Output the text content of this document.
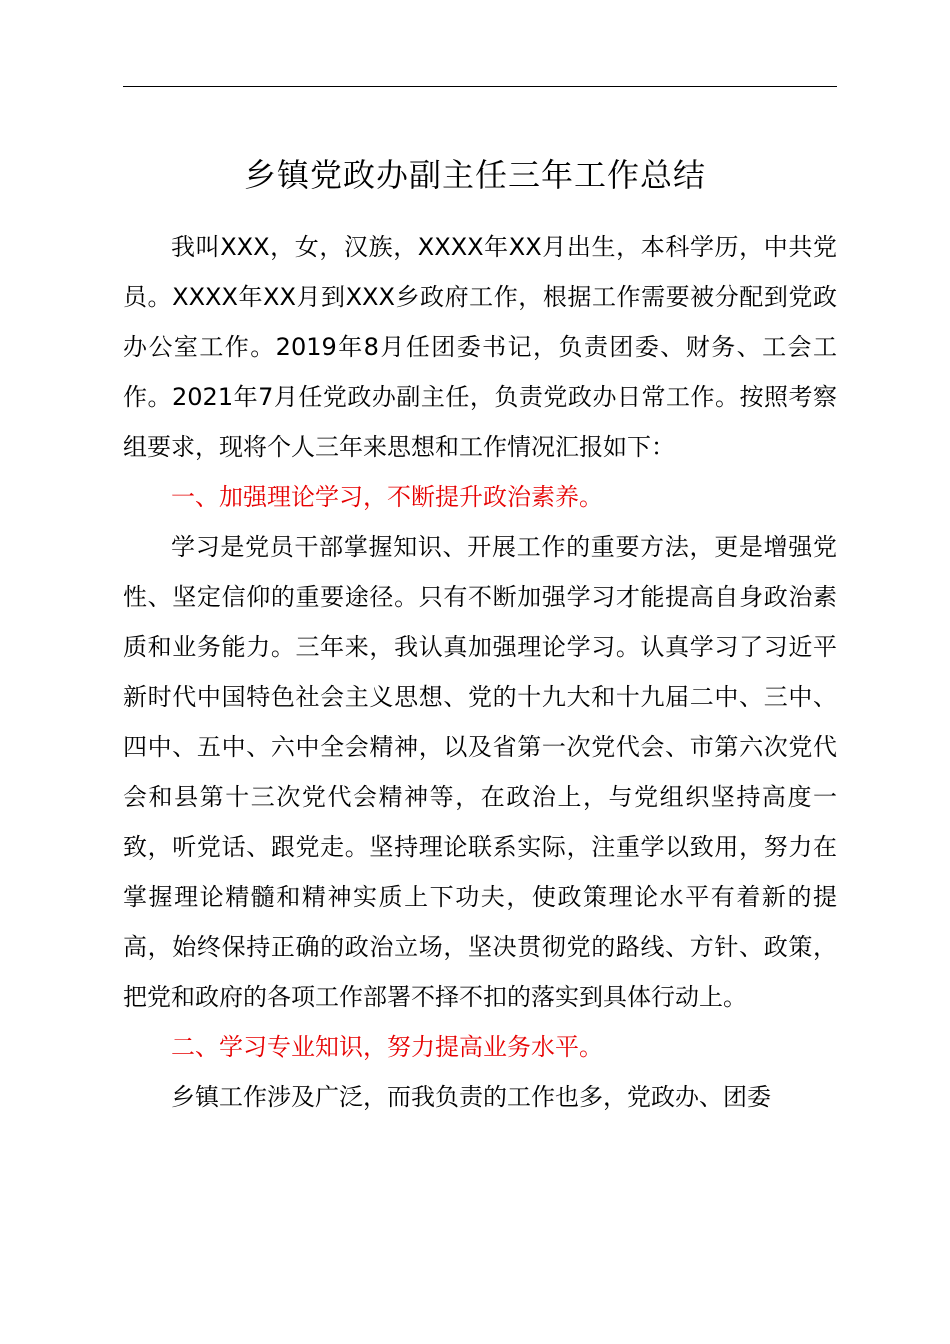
乡镇党政办副主任三年工作总结

我叫XXX，女，汉族，XXXX年XX月出生，本科学历，中共党员。XXXX年XX月到XXX乡政府工作，根据工作需要被分配到党政办公室工作。2019年8月任团委书记，负责团委、财务、工会工作。2021年7月任党政办副主任，负责党政办日常工作。按照考察组要求，现将个人三年来思想和工作情况汇报如下：

一、加强理论学习，不断提升政治素养。

学习是党员干部掌握知识、开展工作的重要方法，更是增强党性、坚定信仰的重要途径。只有不断加强学习才能提高自身政治素质和业务能力。三年来，我认真加强理论学习。认真学习了习近平新时代中国特色社会主义思想、党的十九大和十九届二中、三中、四中、五中、六中全会精神，以及省第一次党代会、市第六次党代会和县第十三次党代会精神等，在政治上，与党组织坚持高度一致，听党话、跟党走。坚持理论联系实际，注重学以致用，努力在掌握理论精髓和精神实质上下功夫，使政策理论水平有着新的提高，始终保持正确的政治立场，坚决贯彻党的路线、方针、政策，把党和政府的各项工作部署不择不扣的落实到具体行动上。

二、学习专业知识，努力提高业务水平。

乡镇工作涉及广泛，而我负责的工作也多，党政办、团委
